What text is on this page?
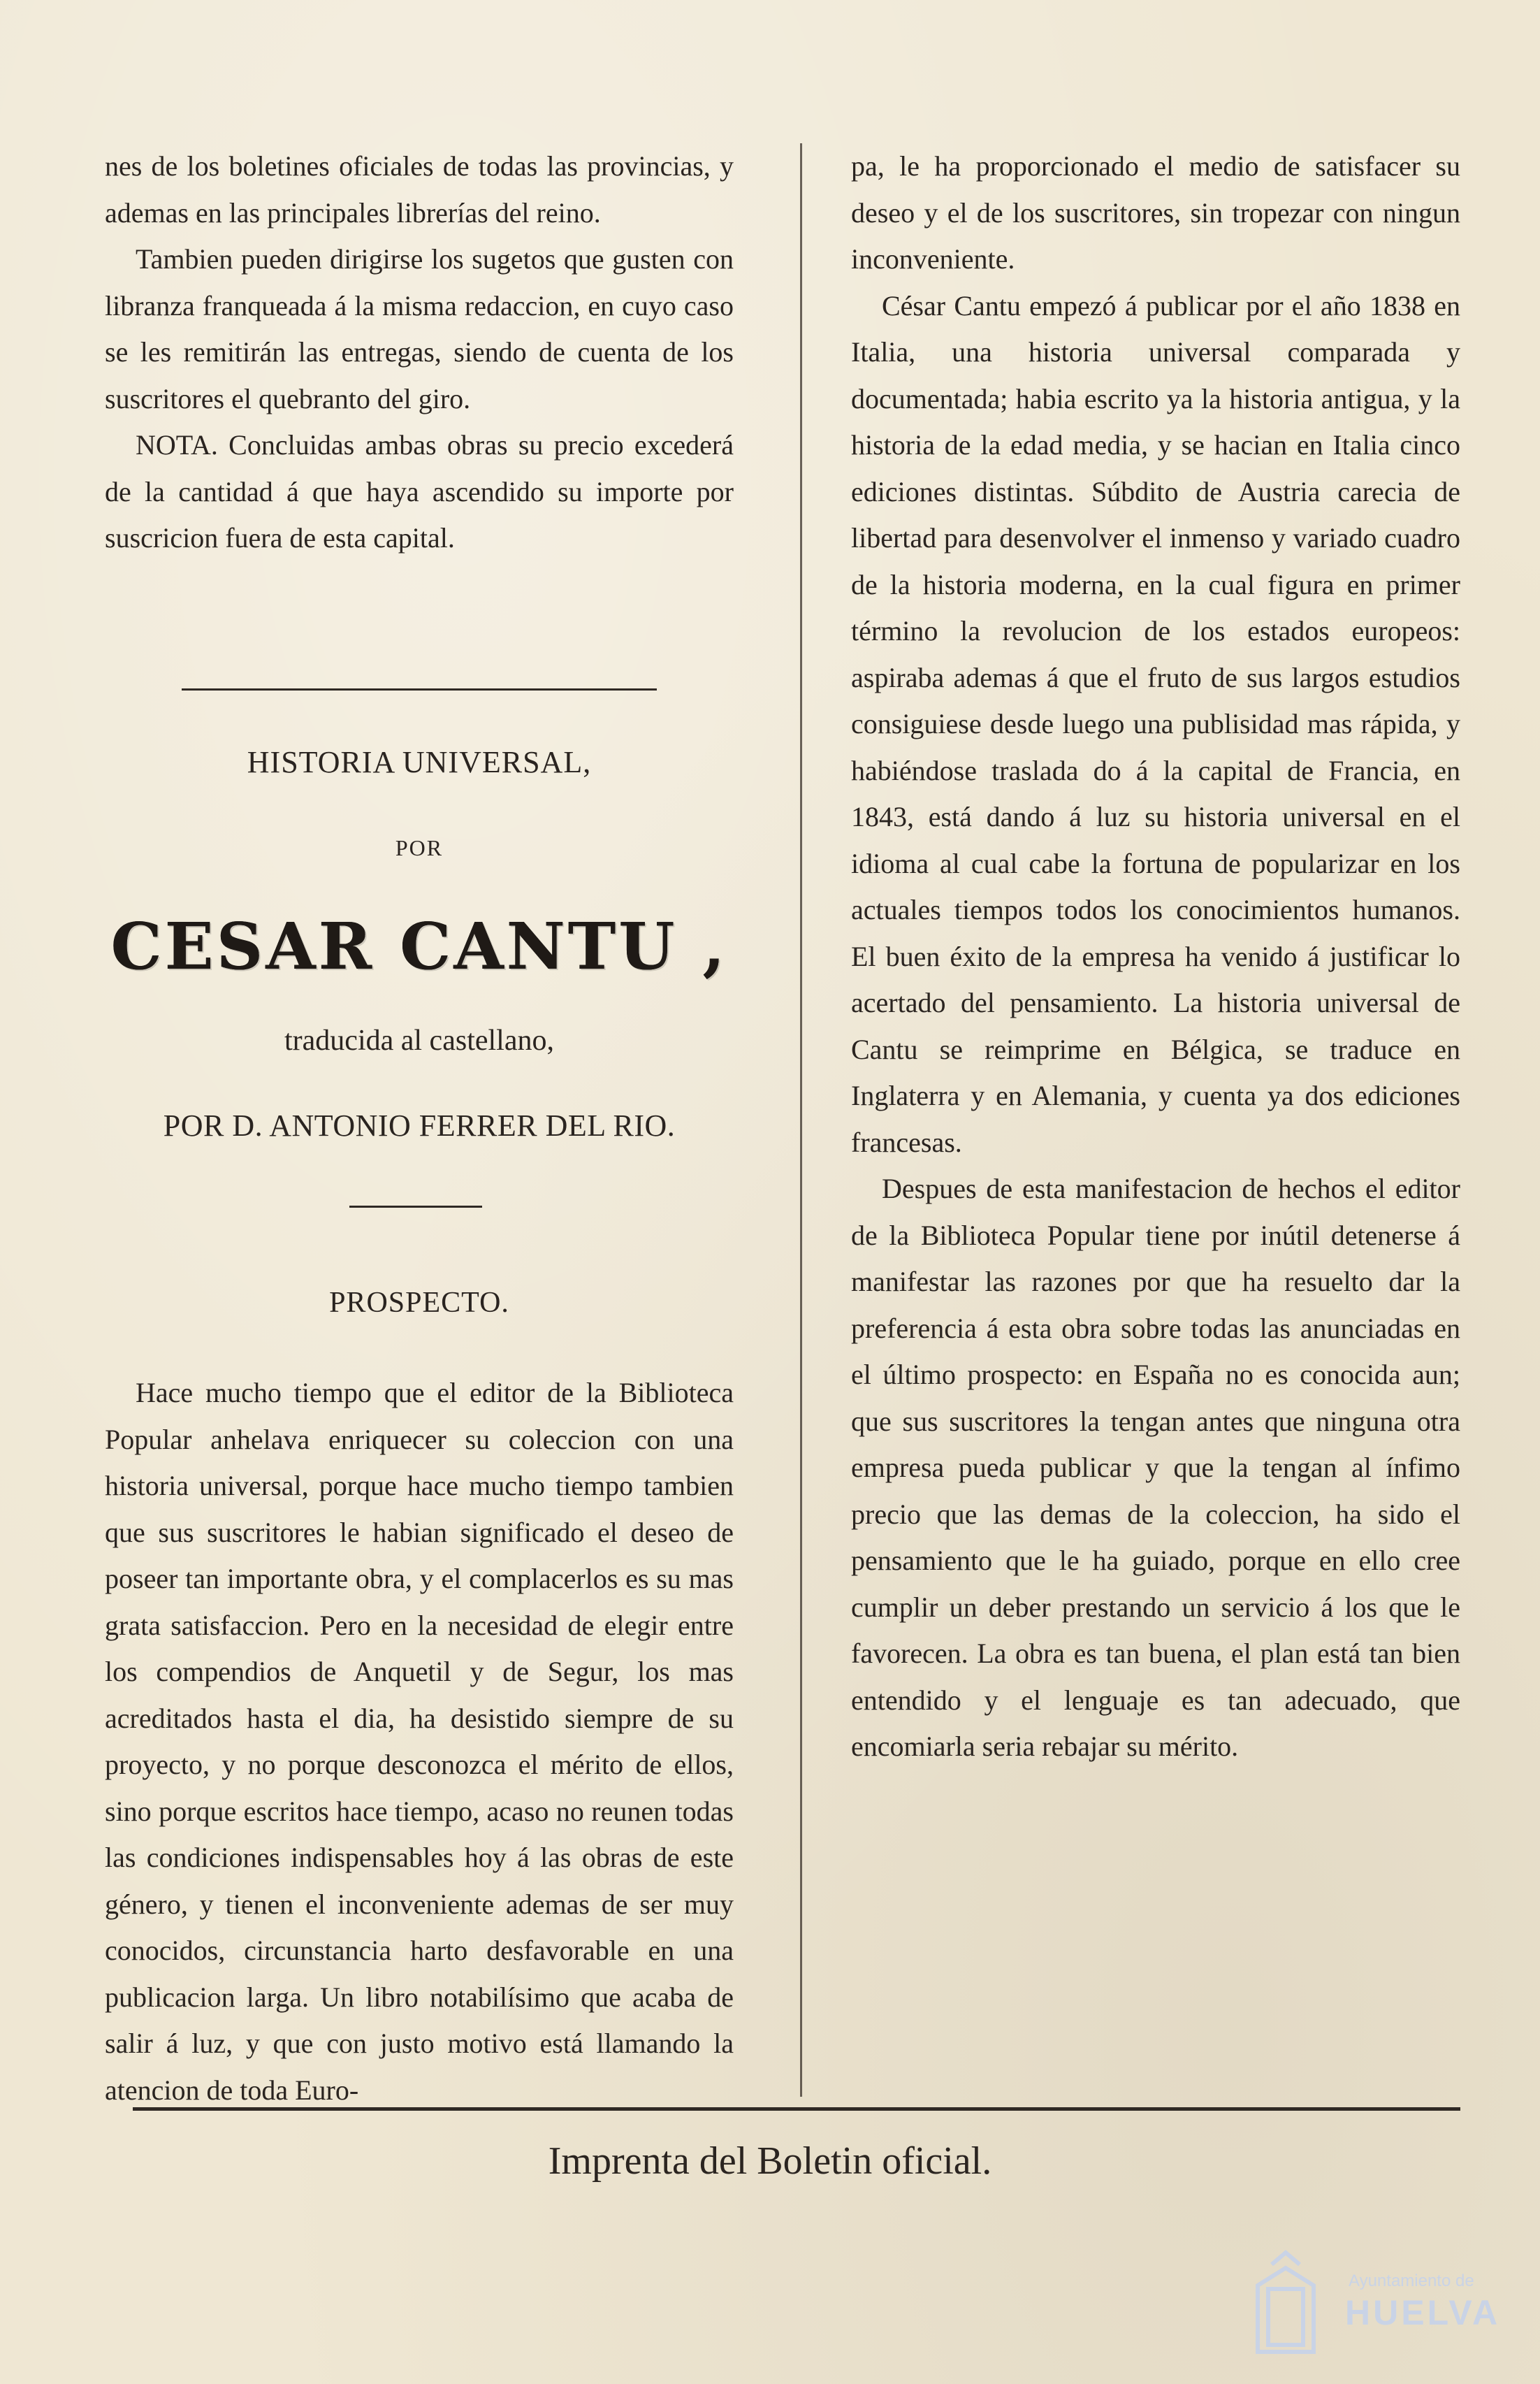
nes de los boletines oficiales de todas las provincias, y ademas en las principales librerías del reino.

Tambien pueden dirigirse los sugetos que gusten con libranza franqueada á la misma redaccion, en cuyo caso se les remitirán las entregas, siendo de cuenta de los suscritores el quebranto del giro.

NOTA. Concluidas ambas obras su precio excederá de la cantidad á que haya ascendido su importe por suscricion fuera de esta capital.

HISTORIA UNIVERSAL,
POR
CESAR CANTU ,
traducida al castellano,
POR D. ANTONIO FERRER DEL RIO.
PROSPECTO.

Hace mucho tiempo que el editor de la Biblioteca Popular anhelava enriquecer su coleccion con una historia universal, porque hace mucho tiempo tambien que sus suscritores le habian significado el deseo de poseer tan importante obra, y el complacerlos es su mas grata satisfaccion. Pero en la necesidad de elegir entre los compendios de Anquetil y de Segur, los mas acreditados hasta el dia, ha desistido siempre de su proyecto, y no porque desconozca el mérito de ellos, sino porque escritos hace tiempo, acaso no reunen todas las condiciones indispensables hoy á las obras de este género, y tienen el inconveniente ademas de ser muy conocidos, circunstancia harto desfavorable en una publicacion larga. Un libro notabilísimo que acaba de salir á luz, y que con justo motivo está llamando la atencion de toda Euro-

pa, le ha proporcionado el medio de satisfacer su deseo y el de los suscritores, sin tropezar con ningun inconveniente.

César Cantu empezó á publicar por el año 1838 en Italia, una historia universal comparada y documentada; habia escrito ya la historia antigua, y la historia de la edad media, y se hacian en Italia cinco ediciones distintas. Súbdito de Austria carecia de libertad para desenvolver el inmenso y variado cuadro de la historia moderna, en la cual figura en primer término la revolucion de los estados europeos: aspiraba ademas á que el fruto de sus largos estudios consiguiese desde luego una publisidad mas rápida, y habiéndose traslada do á la capital de Francia, en 1843, está dando á luz su historia universal en el idioma al cual cabe la fortuna de popularizar en los actuales tiempos todos los conocimientos humanos. El buen éxito de la empresa ha venido á justificar lo acertado del pensamiento. La historia universal de Cantu se reimprime en Bélgica, se traduce en Inglaterra y en Alemania, y cuenta ya dos ediciones francesas.

Despues de esta manifestacion de hechos el editor de la Biblioteca Popular tiene por inútil detenerse á manifestar las razones por que ha resuelto dar la preferencia á esta obra sobre todas las anunciadas en el último prospecto: en España no es conocida aun; que sus suscritores la tengan antes que ninguna otra empresa pueda publicar y que la tengan al ínfimo precio que las demas de la coleccion, ha sido el pensamiento que le ha guiado, porque en ello cree cumplir un deber prestando un servicio á los que le favorecen. La obra es tan buena, el plan está tan bien entendido y el lenguaje es tan adecuado, que encomiarla seria rebajar su mérito.

Imprenta del Boletin oficial.
Ayuntamiento de
HUELVA
